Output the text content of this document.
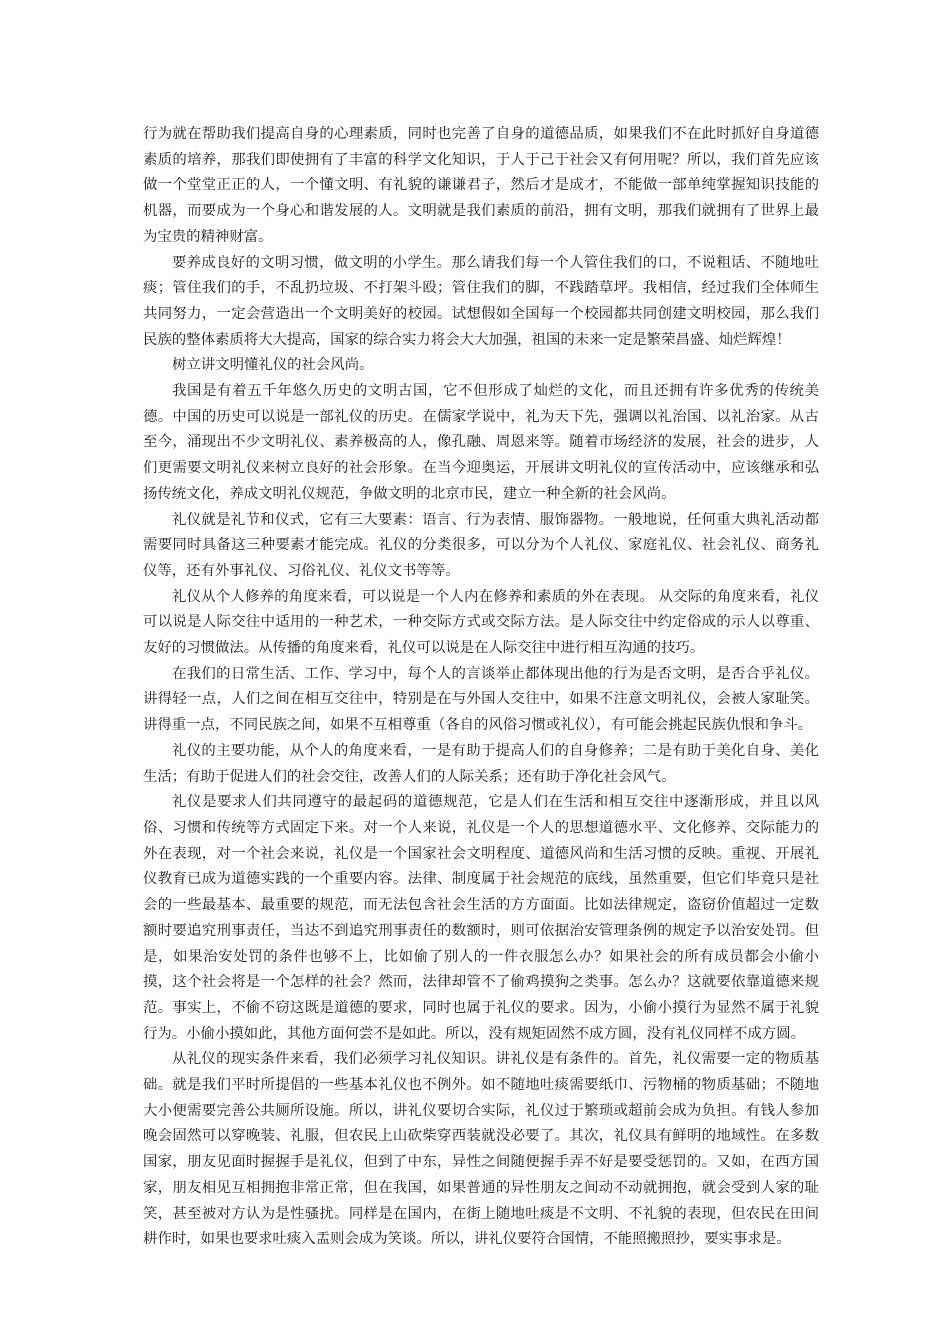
行为就在帮助我们提高自身的心理素质，同时也完善了自身的道德品质，如果我们不在此时抓好自身道德素质的培养，那我们即使拥有了丰富的科学文化知识，于人于己于社会又有何用呢？所以，我们首先应该做一个堂堂正正的人，一个懂文明、有礼貌的谦谦君子，然后才是成才，不能做一部单纯掌握知识技能的机器，而要成为一个身心和谐发展的人。文明就是我们素质的前沿，拥有文明，那我们就拥有了世界上最为宝贵的精神财富。

要养成良好的文明习惯，做文明的小学生。那么请我们每一个人管住我们的口，不说粗话、不随地吐痰；管住我们的手，不乱扔垃圾、不打架斗殴；管住我们的脚，不践踏草坪。我相信，经过我们全体师生共同努力，一定会营造出一个文明美好的校园。试想假如全国每一个校园都共同创建文明校园，那么我们民族的整体素质将大大提高，国家的综合实力将会大大加强，祖国的未来一定是繁荣昌盛、灿烂辉煌！

树立讲文明懂礼仪的社会风尚。

我国是有着五千年悠久历史的文明古国，它不但形成了灿烂的文化，而且还拥有许多优秀的传统美德。中国的历史可以说是一部礼仪的历史。在儒家学说中，礼为天下先，强调以礼治国、以礼治家。从古至今，涌现出不少文明礼仪、素养极高的人，像孔融、周恩来等。随着市场经济的发展，社会的进步，人们更需要文明礼仪来树立良好的社会形象。在当今迎奥运，开展讲文明礼仪的宣传活动中，应该继承和弘扬传统文化，养成文明礼仪规范，争做文明的北京市民，建立一种全新的社会风尚。

礼仪就是礼节和仪式，它有三大要素：语言、行为表情、服饰器物。一般地说，任何重大典礼活动都需要同时具备这三种要素才能完成。礼仪的分类很多，可以分为个人礼仪、家庭礼仪、社会礼仪、商务礼仪等，还有外事礼仪、习俗礼仪、礼仪文书等等。

礼仪从个人修养的角度来看，可以说是一个人内在修养和素质的外在表现。 从交际的角度来看，礼仪可以说是人际交往中适用的一种艺术，一种交际方式或交际方法。是人际交往中约定俗成的示人以尊重、友好的习惯做法。从传播的角度来看，礼仪可以说是在人际交往中进行相互沟通的技巧。

在我们的日常生活、工作、学习中，每个人的言谈举止都体现出他的行为是否文明，是否合乎礼仪。讲得轻一点，人们之间在相互交往中，特别是在与外国人交往中，如果不注意文明礼仪，会被人家耻笑。讲得重一点，不同民族之间，如果不互相尊重（各自的风俗习惯或礼仪），有可能会挑起民族仇恨和争斗。

礼仪的主要功能，从个人的角度来看，一是有助于提高人们的自身修养；二是有助于美化自身、美化生活；有助于促进人们的社会交往，改善人们的人际关系；还有助于净化社会风气。

礼仪是要求人们共同遵守的最起码的道德规范，它是人们在生活和相互交往中逐渐形成，并且以风俗、习惯和传统等方式固定下来。对一个人来说，礼仪是一个人的思想道德水平、文化修养、交际能力的外在表现，对一个社会来说，礼仪是一个国家社会文明程度、道德风尚和生活习惯的反映。重视、开展礼仪教育已成为道德实践的一个重要内容。法律、制度属于社会规范的底线，虽然重要，但它们毕竟只是社会的一些最基本、最重要的规范，而无法包含社会生活的方方面面。比如法律规定，盗窃价值超过一定数额时要追究刑事责任，当达不到追究刑事责任的数额时，则可依据治安管理条例的规定予以治安处罚。但是，如果治安处罚的条件也够不上，比如偷了别人的一件衣服怎么办？如果社会的所有成员都会小偷小摸，这个社会将是一个怎样的社会？然而，法律却管不了偷鸡摸狗之类事。怎么办？这就要依靠道德来规范。事实上，不偷不窃这既是道德的要求，同时也属于礼仪的要求。因为，小偷小摸行为显然不属于礼貌行为。小偷小摸如此，其他方面何尝不是如此。所以，没有规矩固然不成方圆，没有礼仪同样不成方圆。

从礼仪的现实条件来看，我们必须学习礼仪知识。讲礼仪是有条件的。首先，礼仪需要一定的物质基础。就是我们平时所提倡的一些基本礼仪也不例外。如不随地吐痰需要纸巾、污物桶的物质基础；不随地大小便需要完善公共厕所设施。所以，讲礼仪要切合实际，礼仪过于繁琐或超前会成为负担。有钱人参加晚会固然可以穿晚装、礼服，但农民上山砍柴穿西装就没必要了。其次，礼仪具有鲜明的地域性。在多数国家，朋友见面时握握手是礼仪，但到了中东，异性之间随便握手弄不好是要受惩罚的。又如，在西方国家，朋友相见互相拥抱非常正常，但在我国，如果普通的异性朋友之间动不动就拥抱，就会受到人家的耻笑，甚至被对方认为是性骚扰。同样是在国内，在街上随地吐痰是不文明、不礼貌的表现，但农民在田间耕作时，如果也要求吐痰入盂则会成为笑谈。所以，讲礼仪要符合国情，不能照搬照抄，要实事求是。
